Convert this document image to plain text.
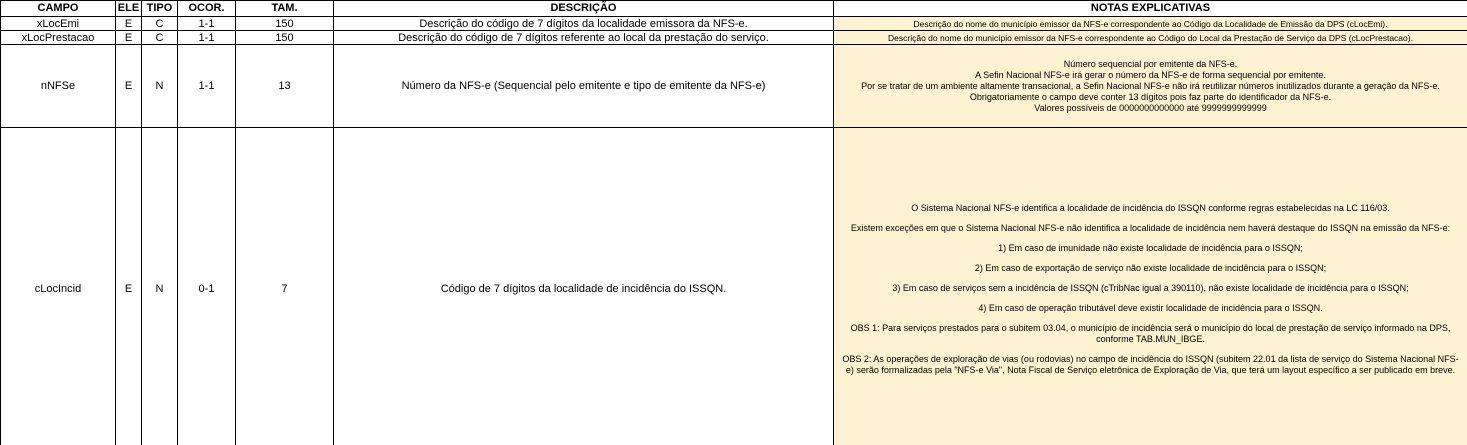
CAMPO	ELE	TIPO	OCOR.	TAM.	DESCRIÇÃO	NOTAS EXPLICATIVAS
xLocEmi	E	C	1-1	150	Descrição do código de 7 dígitos da localidade emissora da NFS-e.	Descrição do nome do município emissor da NFS-e correspondente ao Código da Localidade de Emissão da DPS (cLocEmi).

xLocPrestacao	E	C	1-1	150	Descrição do código de 7 dígitos referente ao local da prestação do serviço.	Descrição do nome do município emissor da NFS-e correspondente ao Código do Local da Prestação de Serviço da DPS (cLocPrestacao).

nNFSe	E	N	1-1	13	Número da NFS-e (Sequencial pelo emitente e tipo de emitente da NFS-e)	Número sequencial por emitente da NFS-e.

A Sefin Nacional NFS-e irá gerar o número da NFS-e de forma sequencial por emitente.

Por se tratar de um ambiente altamente transacional, a Sefin Nacional NFS-e não irá reutilizar números inutilizados durante a geração da NFS-e.

Obrigatoriamente o campo deve conter 13 dígitos pois faz parte do identificador da NFS-e.

Valores possíveis de 0000000000000 até 9999999999999

cLocIncid	E	N	0-1	7	Código de 7 dígitos da localidade de incidência do ISSQN.	

O Sistema Nacional NFS-e identifica a localidade de incidência do ISSQN conforme regras estabelecidas na LC 116/03.

Existem exceções em que o Sistema Nacional NFS-e não identifica a localidade de incidência nem haverá destaque do ISSQN na emissão da NFS-e:

1) Em caso de imunidade não existe localidade de incidência para o ISSQN;

2) Em caso de exportação de serviço não existe localidade de incidência para o ISSQN;

3) Em caso de serviços sem a incidência de ISSQN (cTribNac igual a 390110), não existe localidade de incidência para o ISSQN;

4) Em caso de operação tributável deve existir localidade de incidência para o ISSQN.

OBS 1: Para serviços prestados para o subitem 03.04, o município de incidência será o município do local de prestação de serviço informado na DPS, conforme TAB.MUN_IBGE.

OBS 2: As operações de exploração de vias (ou rodovias) no campo de incidência do ISSQN (subitem 22.01 da lista de serviço do Sistema Nacional NFS-e) serão formalizadas pela "NFS-e Via", Nota Fiscal de Serviço eletrônica de Exploração de Via, que terá um layout específico a ser publicado em breve.
